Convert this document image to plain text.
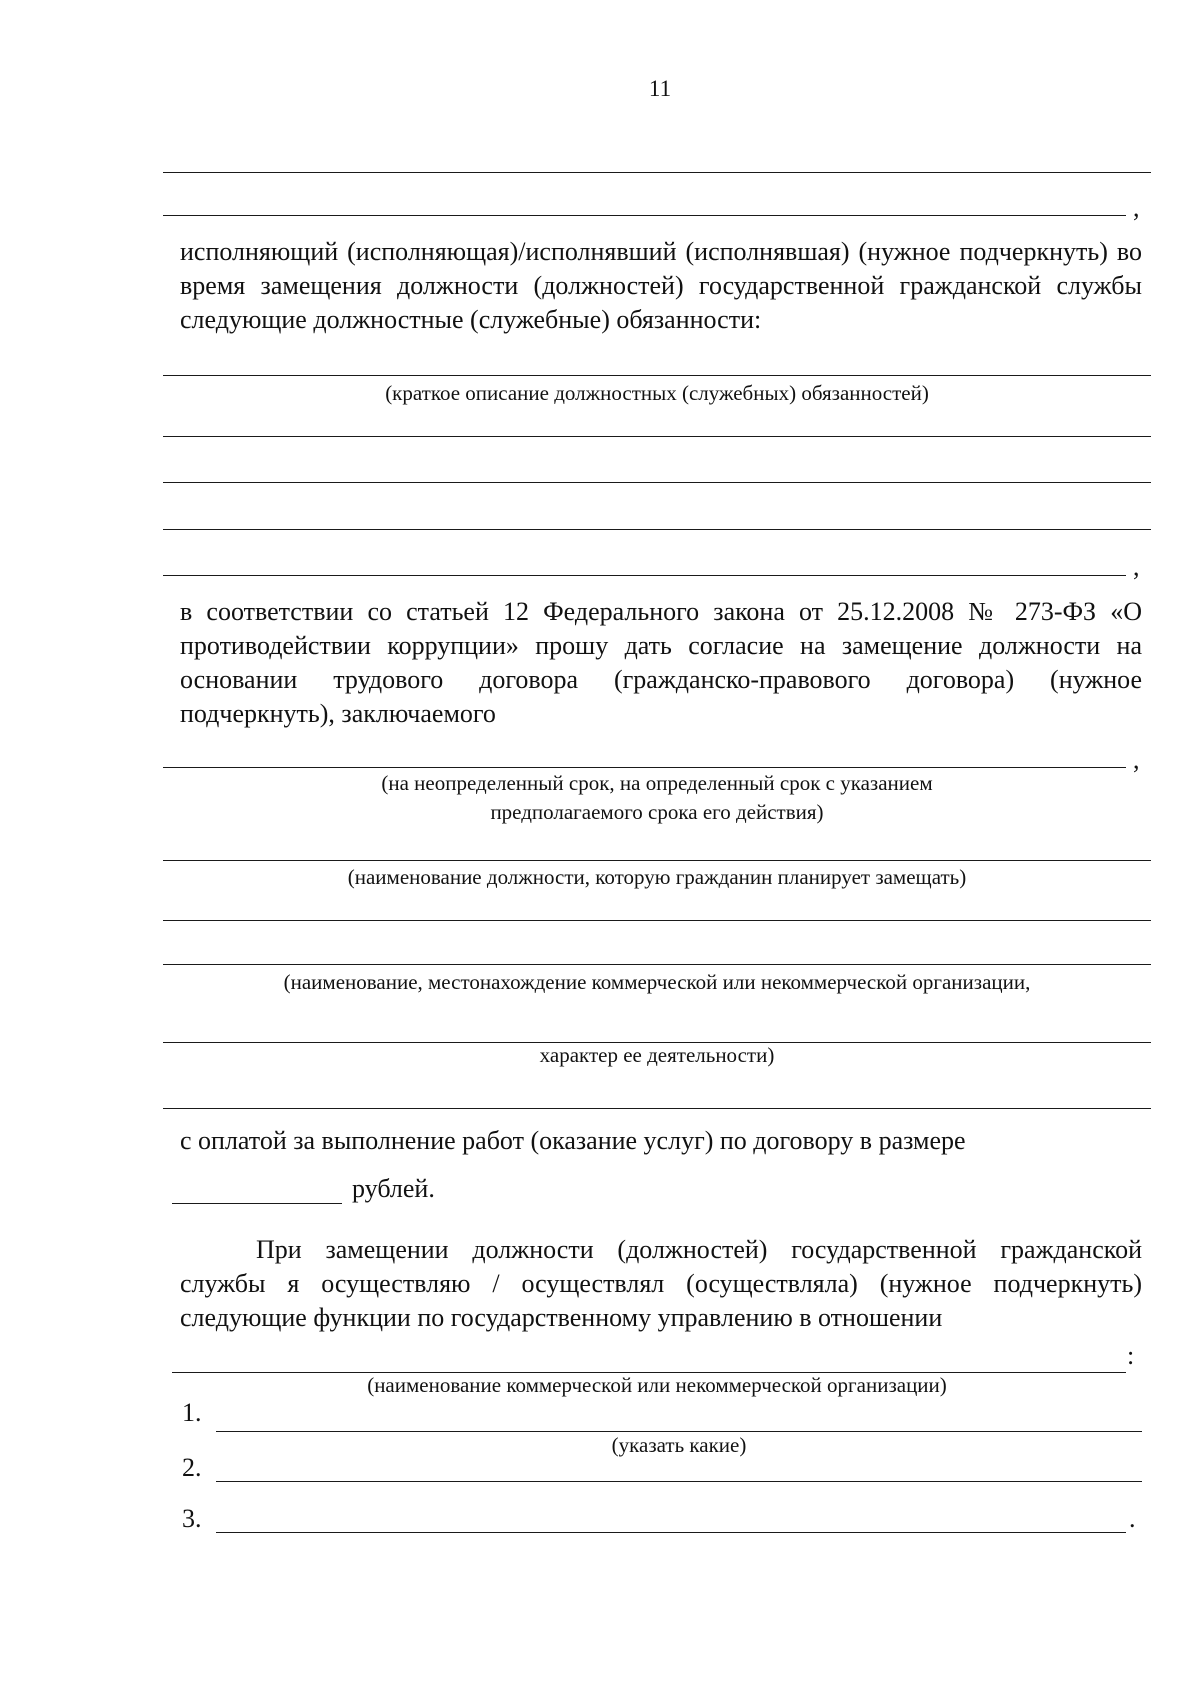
11
,
исполняющий (исполняющая)/исполнявший (исполнявшая) (нужное подчеркнуть) во время замещения должности (должностей) государственной гражданской службы следующие должностные (служебные) обязанности:
(краткое описание должностных (служебных) обязанностей)
,
в соответствии со статьей 12 Федерального закона от 25.12.2008 № 273-ФЗ «О противодействии коррупции» прошу дать согласие на замещение должности на основании трудового договора (гражданско-правового договора) (нужное подчеркнуть), заключаемого
,
(на неопределенный срок, на определенный срок с указанием
предполагаемого срока его действия)
(наименование должности, которую гражданин планирует замещать)
(наименование, местонахождение коммерческой или некоммерческой организации,
характер ее деятельности)
с оплатой за выполнение работ (оказание услуг) по договору в размере
рублей.
При замещении должности (должностей) государственной гражданской службы я осуществляю / осуществлял (осуществляла) (нужное подчеркнуть) следующие функции по государственному управлению в отношении
:
(наименование коммерческой или некоммерческой организации)
1.
(указать какие)
2.
3.	.
